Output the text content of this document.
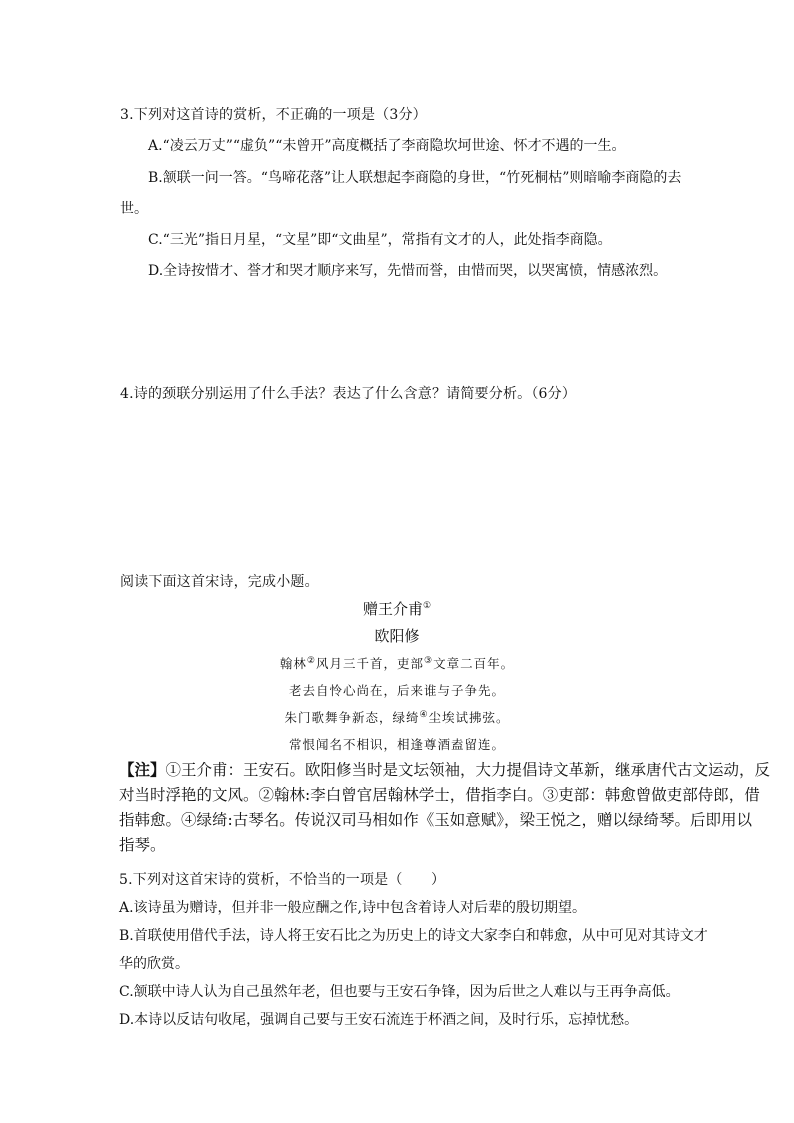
3.下列对这首诗的赏析，不正确的一项是（3分）
A.“凌云万丈”“虚负”“未曾开”高度概括了李商隐坎坷世途、怀才不遇的一生。
B.颔联一问一答。“鸟啼花落”让人联想起李商隐的身世，“竹死桐枯”则暗喻李商隐的去
世。
C.“三光”指日月星，“文星”即“文曲星”，常指有文才的人，此处指李商隐。
D.全诗按惜才、誉才和哭才顺序来写，先惜而誉，由惜而哭，以哭寓愤，情感浓烈。
4.诗的颈联分别运用了什么手法？表达了什么含意？请简要分析。（6分）
阅读下面这首宋诗，完成小题。
赠王介甫①
欧阳修
翰林②风月三千首，吏部③文章二百年。
老去自怜心尚在，后来谁与子争先。
朱门歌舞争新态，绿绮④尘埃试拂弦。
常恨闻名不相识，相逢尊酒盍留连。
【注】①王介甫：王安石。欧阳修当时是文坛领袖，大力提倡诗文革新，继承唐代古文运动，反
对当时浮艳的文风。②翰林:李白曾官居翰林学士，借指李白。③吏部：韩愈曾做吏部侍郎，借
指韩愈。④绿绮:古琴名。传说汉司马相如作《玉如意赋》，梁王悦之，赠以绿绮琴。后即用以
指琴。
5.下列对这首宋诗的赏析，不恰当的一项是（　　）
A.该诗虽为赠诗，但并非一般应酬之作,诗中包含着诗人对后辈的殷切期望。
B.首联使用借代手法，诗人将王安石比之为历史上的诗文大家李白和韩愈，从中可见对其诗文才
华的欣赏。
C.颔联中诗人认为自己虽然年老，但也要与王安石争锋，因为后世之人难以与王再争高低。
D.本诗以反诘句收尾，强调自己要与王安石流连于杯酒之间，及时行乐，忘掉忧愁。
